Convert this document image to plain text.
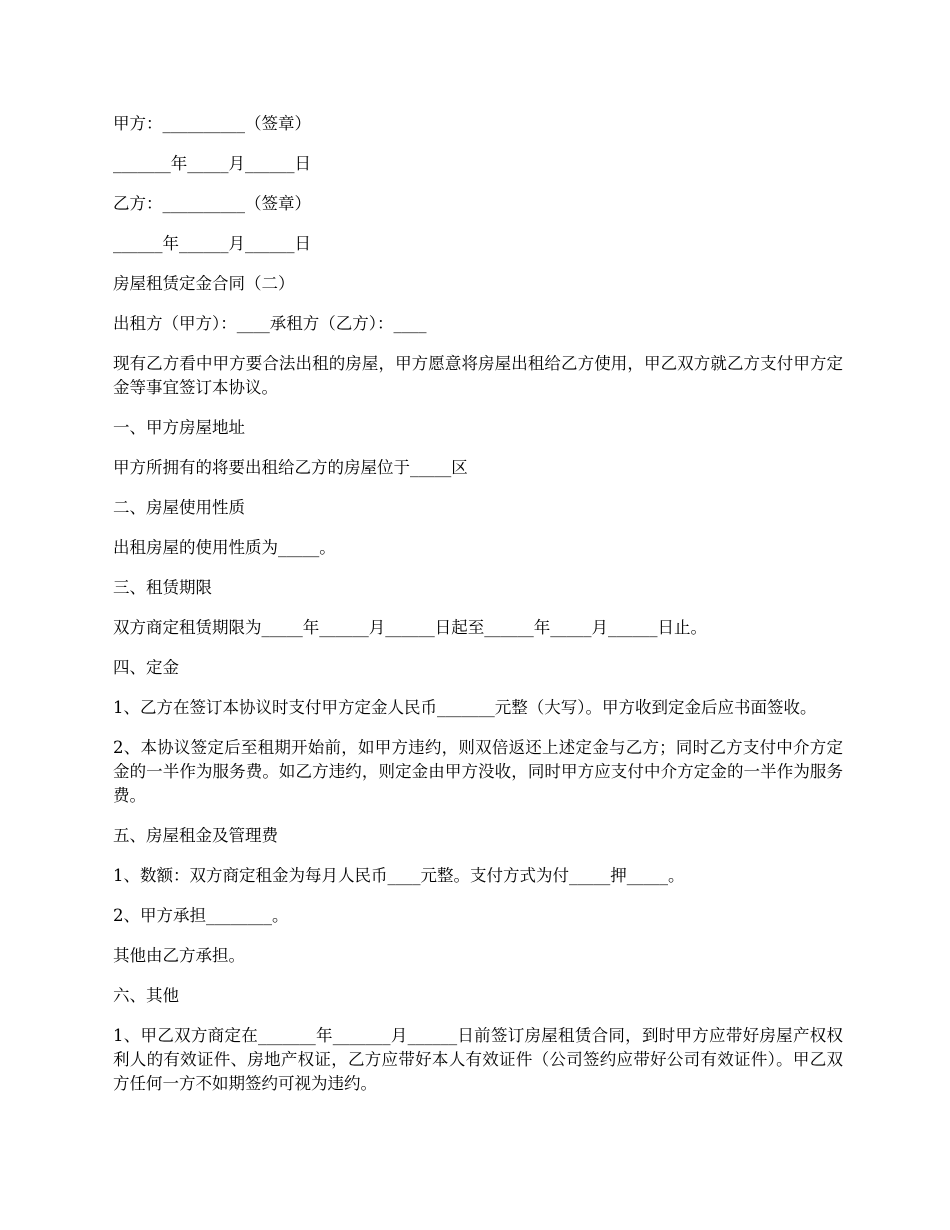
甲方：__________（签章）

_______年_____月______日

乙方：__________（签章）

______年______月______日

房屋租赁定金合同（二）

出租方（甲方）：____承租方（乙方）：____

现有乙方看中甲方要合法出租的房屋，甲方愿意将房屋出租给乙方使用，甲乙双方就乙方支付甲方定金等事宜签订本协议。

一、甲方房屋地址

甲方所拥有的将要出租给乙方的房屋位于_____区

二、房屋使用性质

出租房屋的使用性质为_____。

三、租赁期限

双方商定租赁期限为_____年______月______日起至______年_____月______日止。

四、定金

1、乙方在签订本协议时支付甲方定金人民币_______元整（大写）。甲方收到定金后应书面签收。

2、本协议签定后至租期开始前，如甲方违约，则双倍返还上述定金与乙方；同时乙方支付中介方定金的一半作为服务费。如乙方违约，则定金由甲方没收，同时甲方应支付中介方定金的一半作为服务费。

五、房屋租金及管理费

1、数额：双方商定租金为每月人民币____元整。支付方式为付_____押_____。

2、甲方承担________。

其他由乙方承担。

六、其他

1、甲乙双方商定在_______年_______月______日前签订房屋租赁合同，到时甲方应带好房屋产权权利人的有效证件、房地产权证，乙方应带好本人有效证件（公司签约应带好公司有效证件）。甲乙双方任何一方不如期签约可视为违约。
